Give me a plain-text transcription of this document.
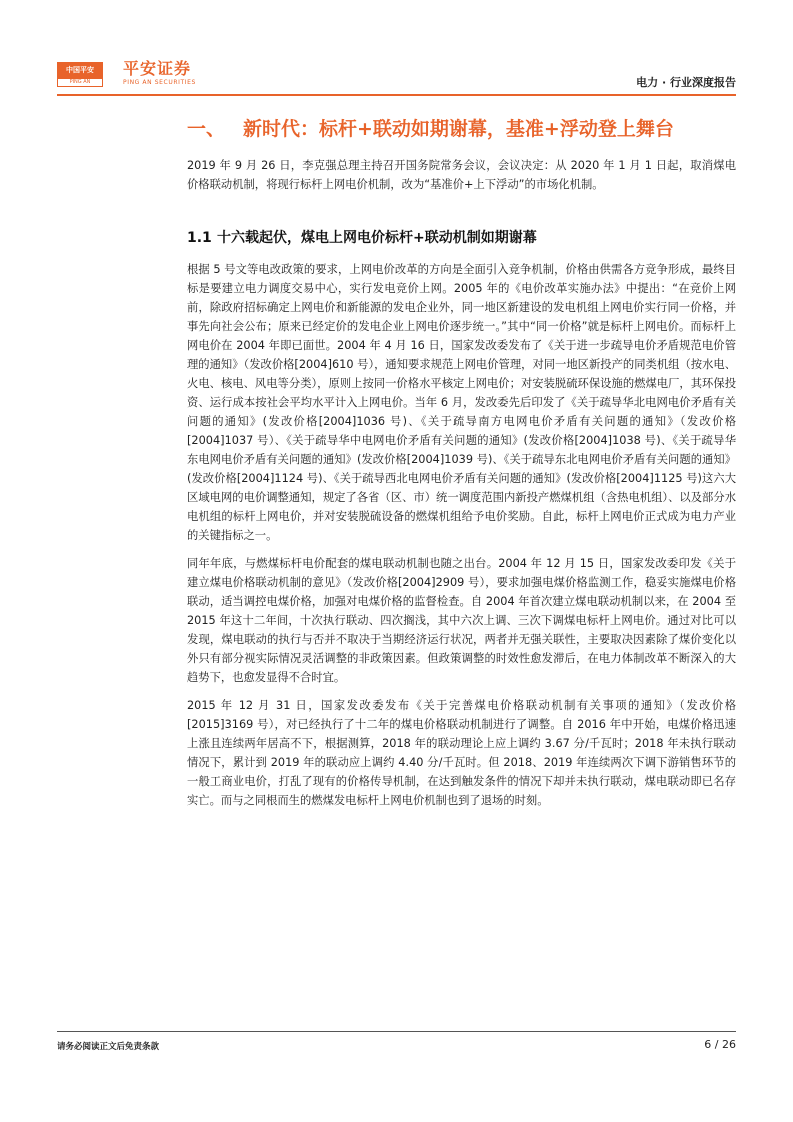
中国平安
PING AN
平安证券
PING AN SECURITIES	电力 · 行业深度报告
一、 新时代：标杆+联动如期谢幕，基准+浮动登上舞台

2019 年 9 月 26 日，李克强总理主持召开国务院常务会议，会议决定：从 2020 年 1 月 1 日起，取消煤电价格联动机制，将现行标杆上网电价机制，改为“基准价+上下浮动”的市场化机制。

1.1 十六载起伏，煤电上网电价标杆+联动机制如期谢幕

根据 5 号文等电改政策的要求，上网电价改革的方向是全面引入竞争机制，价格由供需各方竞争形成，最终目标是要建立电力调度交易中心，实行发电竞价上网。2005 年的《电价改革实施办法》中提出：“在竞价上网前，除政府招标确定上网电价和新能源的发电企业外，同一地区新建设的发电机组上网电价实行同一价格，并事先向社会公布；原来已经定价的发电企业上网电价逐步统一。”其中“同一价格”就是标杆上网电价。而标杆上网电价在 2004 年即已面世。2004 年 4 月 16 日，国家发改委发布了《关于进一步疏导电价矛盾规范电价管理的通知》（发改价格[2004]610 号），通知要求规范上网电价管理，对同一地区新投产的同类机组（按水电、火电、核电、风电等分类），原则上按同一价格水平核定上网电价；对安装脱硫环保设施的燃煤电厂，其环保投资、运行成本按社会平均水平计入上网电价。当年 6 月，发改委先后印发了《关于疏导华北电网电价矛盾有关问题的通知》(发改价格[2004]1036 号)、《关于疏导南方电网电价矛盾有关问题的通知》（发改价格[2004]1037 号）、《关于疏导华中电网电价矛盾有关问题的通知》(发改价格[2004]1038 号)、《关于疏导华东电网电价矛盾有关问题的通知》(发改价格[2004]1039 号)、《关于疏导东北电网电价矛盾有关问题的通知》(发改价格[2004]1124 号)、《关于疏导西北电网电价矛盾有关问题的通知》(发改价格[2004]1125 号)这六大区域电网的电价调整通知，规定了各省（区、市）统一调度范围内新投产燃煤机组（含热电机组）、以及部分水电机组的标杆上网电价，并对安装脱硫设备的燃煤机组给予电价奖励。自此，标杆上网电价正式成为电力产业的关键指标之一。

同年年底，与燃煤标杆电价配套的煤电联动机制也随之出台。2004 年 12 月 15 日，国家发改委印发《关于建立煤电价格联动机制的意见》（发改价格[2004]2909 号），要求加强电煤价格监测工作，稳妥实施煤电价格联动，适当调控电煤价格，加强对电煤价格的监督检查。自 2004 年首次建立煤电联动机制以来，在 2004 至 2015 年这十二年间，十次执行联动、四次搁浅，其中六次上调、三次下调煤电标杆上网电价。通过对比可以发现，煤电联动的执行与否并不取决于当期经济运行状况，两者并无强关联性，主要取决因素除了煤价变化以外只有部分视实际情况灵活调整的非政策因素。但政策调整的时效性愈发滞后，在电力体制改革不断深入的大趋势下，也愈发显得不合时宜。

2015 年 12 月 31 日，国家发改委发布《关于完善煤电价格联动机制有关事项的通知》（发改价格[2015]3169 号），对已经执行了十二年的煤电价格联动机制进行了调整。自 2016 年中开始，电煤价格迅速上涨且连续两年居高不下，根据测算，2018 年的联动理论上应上调约 3.67 分/千瓦时；2018 年未执行联动情况下，累计到 2019 年的联动应上调约 4.40 分/千瓦时。但 2018、2019 年连续两次下调下游销售环节的一般工商业电价，打乱了现有的价格传导机制，在达到触发条件的情况下却并未执行联动，煤电联动即已名存实亡。而与之同根而生的燃煤发电标杆上网电价机制也到了退场的时刻。

请务必阅读正文后免责条款	6 / 26
